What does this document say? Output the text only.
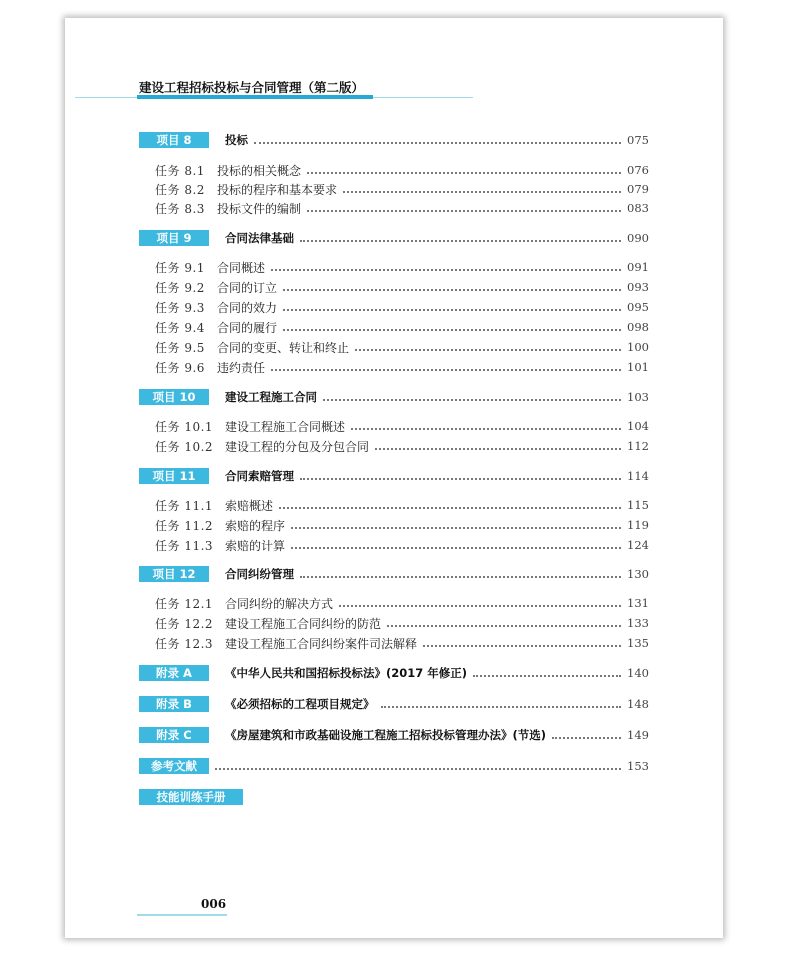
建设工程招标投标与合同管理（第二版）
项目 8	投标	075
任务 8.1	投标的相关概念	076
任务 8.2	投标的程序和基本要求	079
任务 8.3	投标文件的编制	083
项目 9	合同法律基础	090
任务 9.1	合同概述	091
任务 9.2	合同的订立	093
任务 9.3	合同的效力	095
任务 9.4	合同的履行	098
任务 9.5	合同的变更、转让和终止	100
任务 9.6	违约责任	101
项目 10	建设工程施工合同	103
任务 10.1 建设工程施工合同概述	104
任务 10.2 建设工程的分包及分包合同	112
项目 11	合同索赔管理	114
任务 11.1 索赔概述	115
任务 11.2 索赔的程序	119
任务 11.3 索赔的计算	124
项目 12	合同纠纷管理	130
任务 12.1 合同纠纷的解决方式	131
任务 12.2 建设工程施工合同纠纷的防范	133
任务 12.3 建设工程施工合同纠纷案件司法解释	135
附录 A	《中华人民共和国招标投标法》(2017 年修正)	140
附录 B	《必须招标的工程项目规定》	148
附录 C	《房屋建筑和市政基础设施工程施工招标投标管理办法》(节选)	149
参考文献	153
技能训练手册
006
